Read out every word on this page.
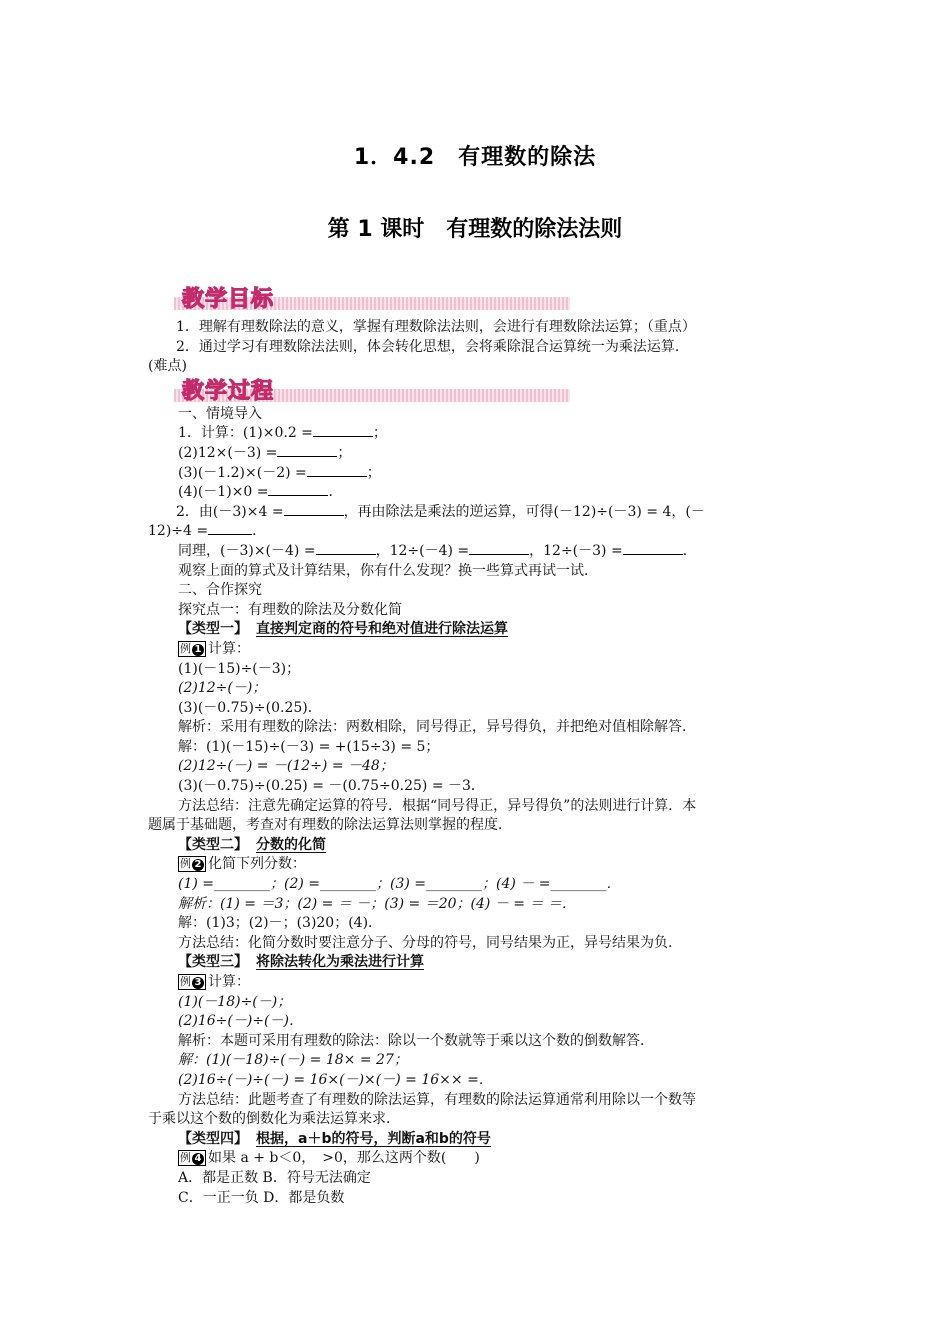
1．4.2　有理数的除法
第 1 课时　有理数的除法法则
教学目标
教学过程
1．理解有理数除法的意义，掌握有理数除法法则，会进行有理数除法运算；（重点）
2．通过学习有理数除法法则，体会转化思想，会将乘除混合运算统一为乘法运算．
(难点)
一、情境导入
1．计算：(1)×0.2 =	；
(2)12×(－3) =	；
(3)(－1.2)×(－2) =	；
(4)(－1)×0 =	．
2．由(－3)×4 =	，再由除法是乘法的逆运算，可得(－12)÷(－3) = 4，(－
12)÷4 =	．
同理，(－3)×(－4) =	，12÷(－4) =	，12÷(－3) =	．
观察上面的算式及计算结果，你有什么发现？换一些算式再试一试．
二、合作探究
探究点一：有理数的除法及分数化简
【类型一】 直接判定商的符号和绝对值进行除法运算
例 1 计算：
(1)(－15)÷(－3)；
(2)12÷(－)；
(3)(－0.75)÷(0.25)．
解析：采用有理数的除法：两数相除，同号得正，异号得负，并把绝对值相除解答．
解：(1)(－15)÷(－3) = +(15÷3) = 5；
(2)12÷(－) = －(12÷) = －48；
(3)(－0.75)÷(0.25) = －(0.75÷0.25) = －3．
方法总结：注意先确定运算的符号．根据“同号得正，异号得负”的法则进行计算．本
题属于基础题，考查对有理数的除法运算法则掌握的程度．
【类型二】 分数的化简
例 2 化简下列分数：
(1) =________；(2) =________；(3) =________；(4) － =________．
解析：(1) = ＝3；(2) = ＝ －；(3) = ＝20；(4) － = ＝ ＝．
解：(1)3；(2)－；(3)20；(4)．
方法总结：化简分数时要注意分子、分母的符号，同号结果为正，异号结果为负．
【类型三】 将除法转化为乘法进行计算
例 3 计算：
(1)(－18)÷(－)；
(2)16÷(－)÷(－)．
解析：本题可采用有理数的除法：除以一个数就等于乘以这个数的倒数解答．
解：(1)(－18)÷(－) = 18× = 27；
(2)16÷(－)÷(－) = 16×(－)×(－) = 16×× =．
方法总结：此题考查了有理数的除法运算，有理数的除法运算通常利用除以一个数等
于乘以这个数的倒数化为乘法运算来求．
【类型四】 根据，a＋b的符号，判断a和b的符号
例 4 如果 a + b＜0，　>0，那么这两个数(　　)
A．都是正数 B．符号无法确定
C．一正一负 D．都是负数
